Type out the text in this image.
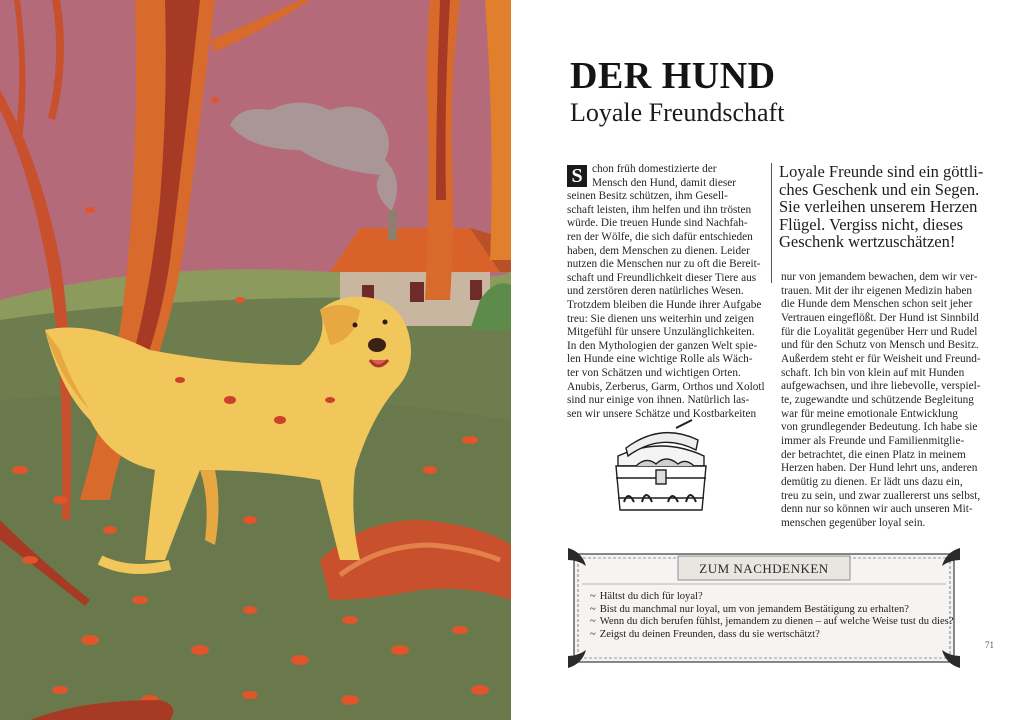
DER HUND
Loyale Freundschaft
S chon früh domestizierte der
Mensch den Hund, damit dieser
seinen Besitz schützen, ihm Gesell-
schaft leisten, ihm helfen und ihn trösten
würde. Die treuen Hunde sind Nachfah-
ren der Wölfe, die sich dafür entschieden
haben, dem Menschen zu dienen. Leider
nutzen die Menschen nur zu oft die Bereit-
schaft und Freundlichkeit dieser Tiere aus
und zerstören deren natürliches Wesen.
Trotzdem bleiben die Hunde ihrer Aufgabe
treu: Sie dienen uns weiterhin und zeigen
Mitgefühl für unsere Unzulänglichkeiten.
In den Mythologien der ganzen Welt spie-
len Hunde eine wichtige Rolle als Wäch-
ter von Schätzen und wichtigen Orten.
Anubis, Zerberus, Garm, Orthos und Xolotl
sind nur einige von ihnen. Natürlich las-
sen wir unsere Schätze und Kostbarkeiten
Loyale Freunde sind ein göttli-
ches Geschenk und ein Segen.
Sie verleihen unserem Herzen
Flügel. Vergiss nicht, dieses
Geschenk wertzuschätzen!
nur von jemandem bewachen, dem wir ver-
trauen. Mit der ihr eigenen Medizin haben
die Hunde dem Menschen schon seit jeher
Vertrauen eingeflößt. Der Hund ist Sinnbild
für die Loyalität gegenüber Herr und Rudel
und für den Schutz von Mensch und Besitz.
Außerdem steht er für Weisheit und Freund-
schaft. Ich bin von klein auf mit Hunden
aufgewachsen, und ihre liebevolle, verspiel-
te, zugewandte und schützende Begleitung
war für meine emotionale Entwicklung
von grundlegender Bedeutung. Ich habe sie
immer als Freunde und Familienmitglie-
der betrachtet, die einen Platz in meinem
Herzen haben. Der Hund lehrt uns, anderen
demütig zu dienen. Er lädt uns dazu ein,
treu zu sein, und zwar zuallererst uns selbst,
denn nur so können wir auch unseren Mit-
menschen gegenüber loyal sein.
ZUM NACHDENKEN
~ Hältst du dich für loyal?
~ Bist du manchmal nur loyal, um von jemandem Bestätigung zu erhalten?
~ Wenn du dich berufen fühlst, jemandem zu dienen – auf welche Weise tust du dies?
~ Zeigst du deinen Freunden, dass du sie wertschätzt?
71
